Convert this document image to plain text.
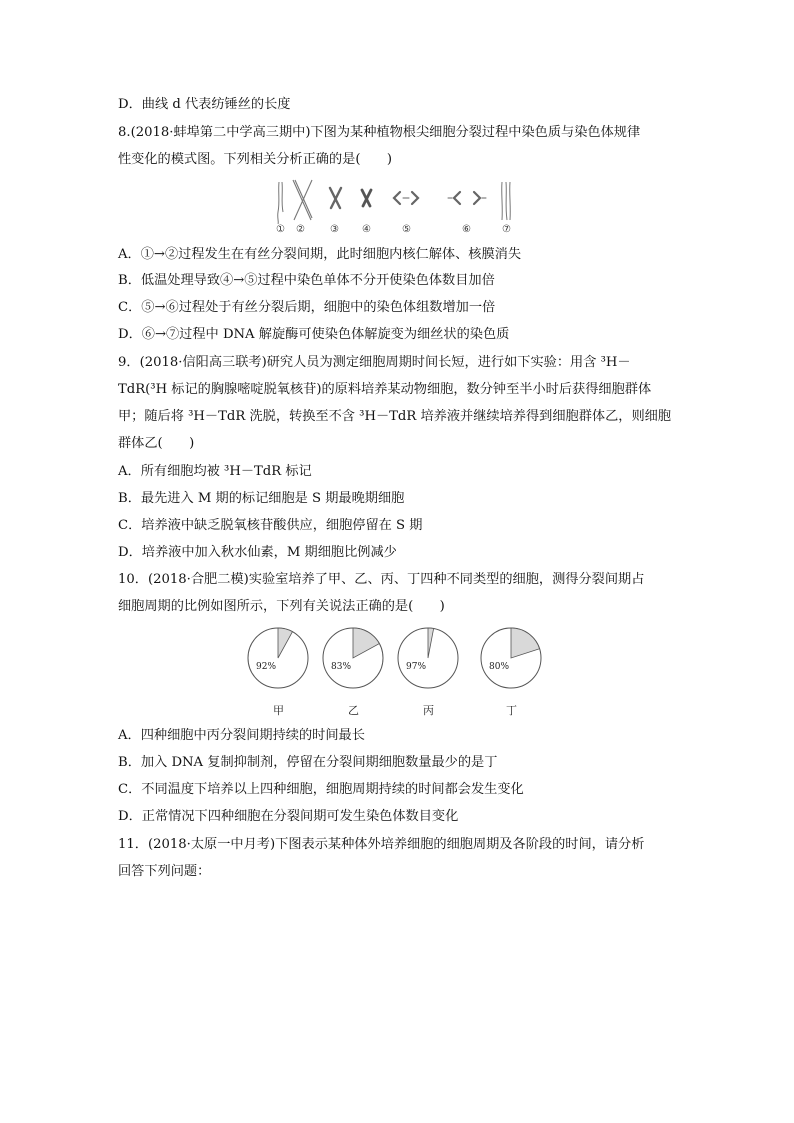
D．曲线 d 代表纺锤丝的长度
8.(2018·蚌埠第二中学高三期中)下图为某种植物根尖细胞分裂过程中染色质与染色体规律
性变化的模式图。下列相关分析正确的是(　　)
① ②	③ ④	⑤	⑥	⑦
A．①→②过程发生在有丝分裂间期，此时细胞内核仁解体、核膜消失
B．低温处理导致④→⑤过程中染色单体不分开使染色体数目加倍
C．⑤→⑥过程处于有丝分裂后期，细胞中的染色体组数增加一倍
D．⑥→⑦过程中 DNA 解旋酶可使染色体解旋变为细丝状的染色质
9．(2018·信阳高三联考)研究人员为测定细胞周期时间长短，进行如下实验：用含 ³H－
TdR(³H 标记的胸腺嘧啶脱氧核苷)的原料培养某动物细胞，数分钟至半小时后获得细胞群体
甲；随后将 ³H－TdR 洗脱，转换至不含 ³H－TdR 培养液并继续培养得到细胞群体乙，则细胞
群体乙(　　)
A．所有细胞均被 ³H－TdR 标记
B．最先进入 M 期的标记细胞是 S 期最晚期细胞
C．培养液中缺乏脱氧核苷酸供应，细胞停留在 S 期
D．培养液中加入秋水仙素，M 期细胞比例减少
10．(2018·合肥二模)实验室培养了甲、乙、丙、丁四种不同类型的细胞，测得分裂间期占
细胞周期的比例如图所示，下列有关说法正确的是(　　)
92%
甲
83%
乙
97%
丙
80%
丁
A．四种细胞中丙分裂间期持续的时间最长
B．加入 DNA 复制抑制剂，停留在分裂间期细胞数量最少的是丁
C．不同温度下培养以上四种细胞，细胞周期持续的时间都会发生变化
D．正常情况下四种细胞在分裂间期可发生染色体数目变化
11．(2018·太原一中月考)下图表示某种体外培养细胞的细胞周期及各阶段的时间，请分析
回答下列问题：
